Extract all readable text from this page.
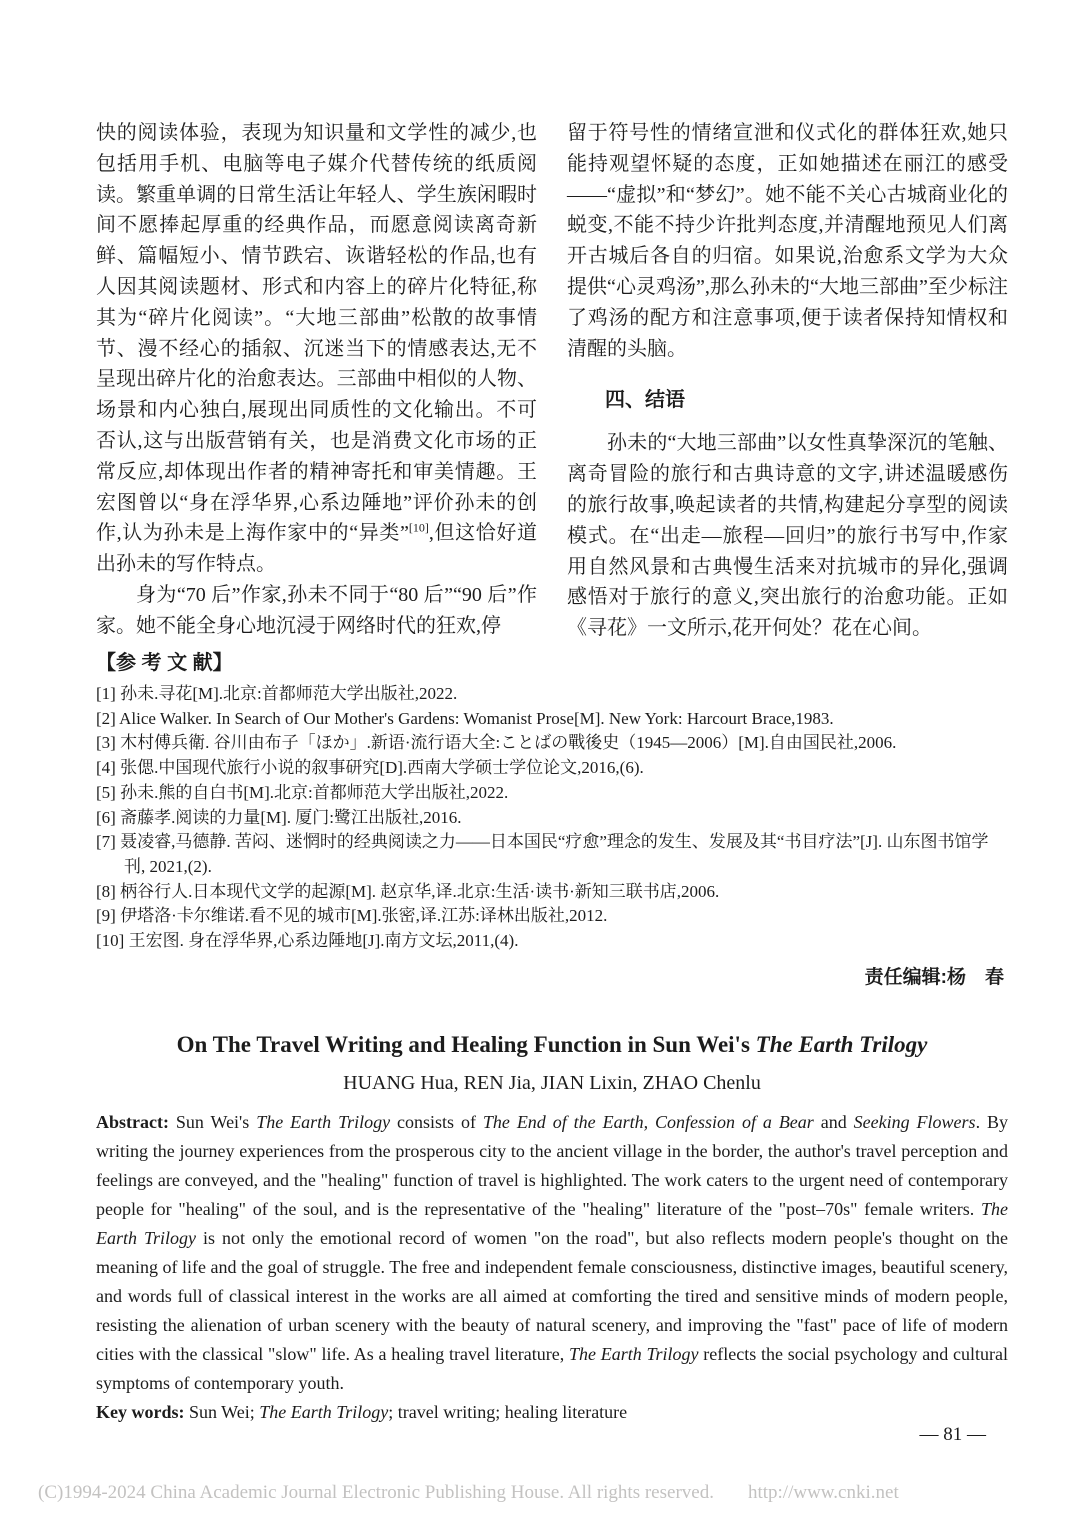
快的阅读体验，表现为知识量和文学性的减少,也包括用手机、电脑等电子媒介代替传统的纸质阅读。繁重单调的日常生活让年轻人、学生族闲暇时间不愿捧起厚重的经典作品，而愿意阅读离奇新鲜、篇幅短小、情节跌宕、诙谐轻松的作品,也有人因其阅读题材、形式和内容上的碎片化特征,称其为“碎片化阅读”。“大地三部曲”松散的故事情节、漫不经心的插叙、沉迷当下的情感表达,无不呈现出碎片化的治愈表达。三部曲中相似的人物、场景和内心独白,展现出同质性的文化输出。不可否认,这与出版营销有关，也是消费文化市场的正常反应,却体现出作者的精神寄托和审美情趣。王宏图曾以“身在浮华界,心系边陲地”评价孙未的创作,认为孙未是上海作家中的“异类”[10],但这恰好道出孙未的写作特点。

身为“70 后”作家,孙未不同于“80 后”“90 后”作家。她不能全身心地沉浸于网络时代的狂欢,停

留于符号性的情绪宣泄和仪式化的群体狂欢,她只能持观望怀疑的态度，正如她描述在丽江的感受——“虚拟”和“梦幻”。她不能不关心古城商业化的蜕变,不能不持少许批判态度,并清醒地预见人们离开古城后各自的归宿。如果说,治愈系文学为大众提供“心灵鸡汤”,那么孙未的“大地三部曲”至少标注了鸡汤的配方和注意事项,便于读者保持知情权和清醒的头脑。

四、结语

孙未的“大地三部曲”以女性真挚深沉的笔触、离奇冒险的旅行和古典诗意的文字,讲述温暖感伤的旅行故事,唤起读者的共情,构建起分享型的阅读模式。在“出走—旅程—回归”的旅行书写中,作家用自然风景和古典慢生活来对抗城市的异化,强调感悟对于旅行的意义,突出旅行的治愈功能。正如《寻花》一文所示,花开何处？花在心间。

【参 考 文 献】
[1] 孙未.寻花[M].北京:首都师范大学出版社,2022.
[2] Alice Walker. In Search of Our Mother's Gardens: Womanist Prose[M]. New York: Harcourt Brace,1983.
[3] 木村傅兵衛. 谷川由布子「ほか」.新语·流行语大全:ことばの戰後史（1945—2006）[M].自由国民社,2006.
[4] 张偲.中国现代旅行小说的叙事研究[D].西南大学硕士学位论文,2016,(6).
[5] 孙未.熊的自白书[M].北京:首都师范大学出版社,2022.
[6] 斋藤孝.阅读的力量[M]. 厦门:鹭江出版社,2016.
[7] 聂凌睿,马德静. 苦闷、迷惘时的经典阅读之力——日本国民“疗愈”理念的发生、发展及其“书目疗法”[J]. 山东图书馆学刊, 2021,(2).
[8] 柄谷行人.日本现代文学的起源[M]. 赵京华,译.北京:生活·读书·新知三联书店,2006.
[9] 伊塔洛·卡尔维诺.看不见的城市[M].张密,译.江苏:译林出版社,2012.
[10] 王宏图. 身在浮华界,心系边陲地[J].南方文坛,2011,(4).
责任编辑:杨　春
On The Travel Writing and Healing Function in Sun Wei's The Earth Trilogy

HUANG Hua, REN Jia, JIAN Lixin, ZHAO Chenlu

Abstract: Sun Wei's The Earth Trilogy consists of The End of the Earth, Confession of a Bear and Seeking Flowers. By writing the journey experiences from the prosperous city to the ancient village in the border, the author's travel perception and feelings are conveyed, and the "healing" function of travel is highlighted. The work caters to the urgent need of contemporary people for "healing" of the soul, and is the representative of the "healing" literature of the "post–70s" female writers. The Earth Trilogy is not only the emotional record of women "on the road", but also reflects modern people's thought on the meaning of life and the goal of struggle. The free and independent female consciousness, distinctive images, beautiful scenery, and words full of classical interest in the works are all aimed at comforting the tired and sensitive minds of modern people, resisting the alienation of urban scenery with the beauty of natural scenery, and improving the "fast" pace of life of modern cities with the classical "slow" life. As a healing travel literature, The Earth Trilogy reflects the social psychology and cultural symptoms of contemporary youth.

Key words: Sun Wei; The Earth Trilogy; travel writing; healing literature

— 81 —
(C)1994-2024 China Academic Journal Electronic Publishing House. All rights reserved. http://www.cnki.net
